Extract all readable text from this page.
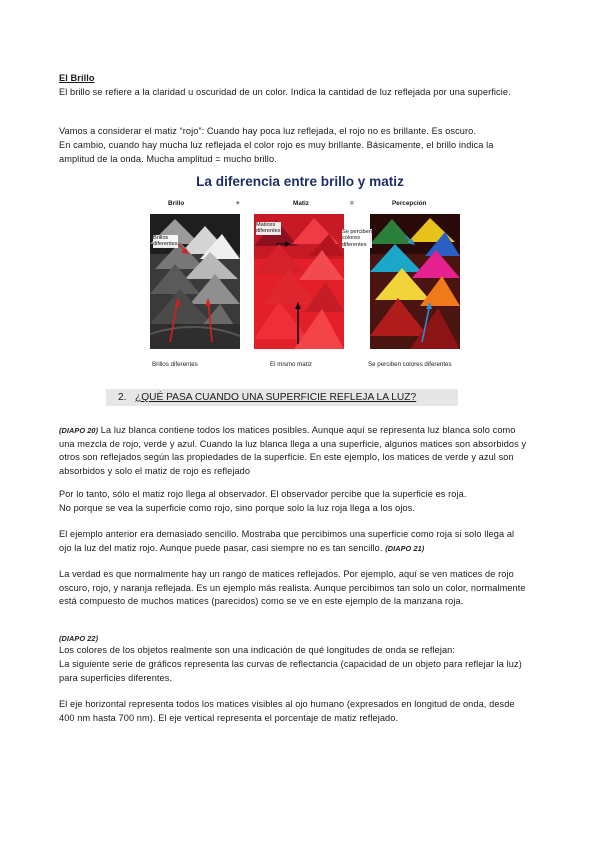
El Brillo
El brillo se refiere a la claridad u oscuridad de un color. Indica la cantidad de luz reflejada por una superficie.
Vamos a considerar el matiz “rojo”: Cuando hay poca luz reflejada, el rojo no es brillante. Es oscuro.
En cambio, cuando hay mucha luz reflejada el color rojo es muy brillante. Básicamente, el brillo indica la amplitud de la onda. Mucha amplitud = mucho brillo.
La diferencia entre brillo y matiz
Brillo	+	Matiz	=	Percepción
Brillos
diferentes
Matices
diferentes	Se perciben
colores
diferentes
Brillos diferentes	El mismo matiz	Se perciben colores diferentes
2. ¿QUÉ PASA CUANDO UNA SUPERFICIE REFLEJA LA LUZ?
(DIAPO 20) La luz blanca contiene todos los matices posibles. Aunque aquí se representa luz blanca solo como una mezcla de rojo, verde y azul. Cuando la luz blanca llega a una superficie, algunos matices son absorbidos y otros son reflejados según las propiedades de la superficie. En este ejemplo, los matices de verde y azul son absorbidos y solo el matiz de rojo es reflejado
Por lo tanto, sólo el matiz rojo llega al observador. El observador percibe que la superficie es roja.
No porque se vea la superficie como rojo, sino porque solo la luz roja llega a los ojos.
El ejemplo anterior era demasiado sencillo. Mostraba que percibimos una superficie como roja si solo llega al ojo la luz del matiz rojo. Aunque puede pasar, casi siempre no es tan sencillo. (DIAPO 21)
La verdad es que normalmente hay un rango de matices reflejados. Por ejemplo, aquí se ven matices de rojo oscuro, rojo, y naranja reflejada. Es un ejemplo más realista. Aunque percibimos tan solo un color, normalmente está compuesto de muchos matices (parecidos) como se ve en este ejemplo de la manzana roja.
(DIAPO 22)
Los colores de los objetos realmente son una indicación de qué longitudes de onda se reflejan:
La siguiente serie de gráficos representa las curvas de reflectancia (capacidad de un objeto para reflejar la luz) para superficies diferentes.
El eje horizontal representa todos los matices visibles al ojo humano (expresados en longitud de onda, desde 400 nm hasta 700 nm). El eje vertical representa el porcentaje de matiz reflejado.
